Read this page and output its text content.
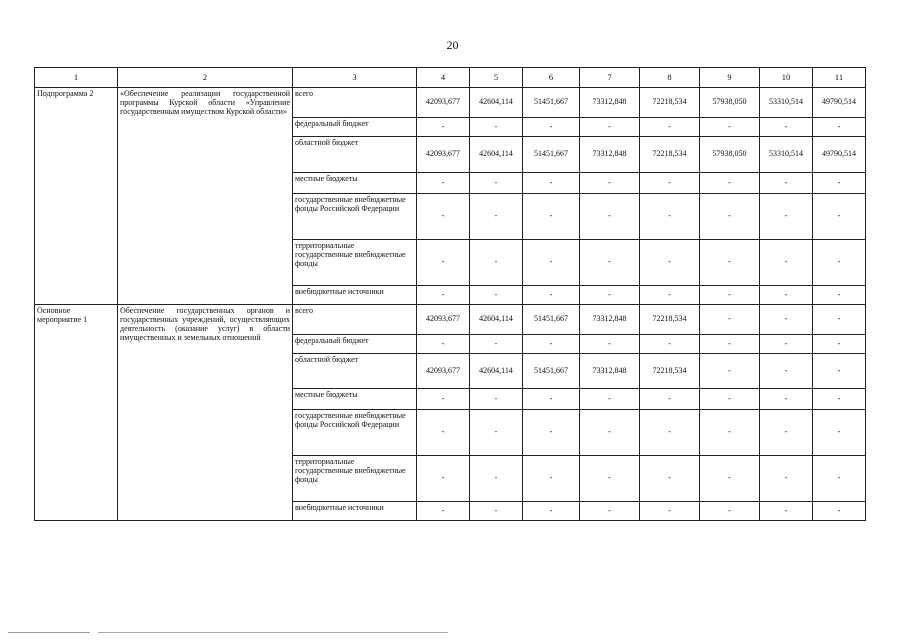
20
1	2	3	4	5	6	7	8	9	10	11
Подпрограмма 2	«Обеспечение реализации государственной программы Курской области «Управление государственным имуществом Курской области»	всего	42093,677	42604,114	51451,667	73312,848	72218,534	57938,050	53310,514	49790,514
		федеральный бюджет	-	-	-	-	-	-	-	-
		областной бюджет	42093,677	42604,114	51451,667	73312,848	72218,534	57938,050	53310,514	49790,514
		местные бюджеты	-	-	-	-	-	-	-	-
		государственные внебюджетные фонды Российской Федерации	-	-	-	-	-	-	-	-
		территориальные государственные внебюджетные фонды	-	-	-	-	-	-	-	-
		внебюджетные источники	-	-	-	-	-	-	-	-
Основное мероприятие 1	Обеспечение государственных органов и государственных учреждений, осуществляющих деятельность (оказание услуг) в области имущественных и земельных отношений	всего	42093,677	42604,114	51451,667	73312,848	72218,534	-	-	-
		федеральный бюджет	-	-	-	-	-	-	-	-
		областной бюджет	42093,677	42604,114	51451,667	73312,848	72218,534	-	-	-
		местные бюджеты	-	-	-	-	-	-	-	-
		государственные внебюджетные фонды Российской Федерации	-	-	-	-	-	-	-	-
		территориальные государственные внебюджетные фонды	-	-	-	-	-	-	-	-
		внебюджетные источники	-	-	-	-	-	-	-	-
